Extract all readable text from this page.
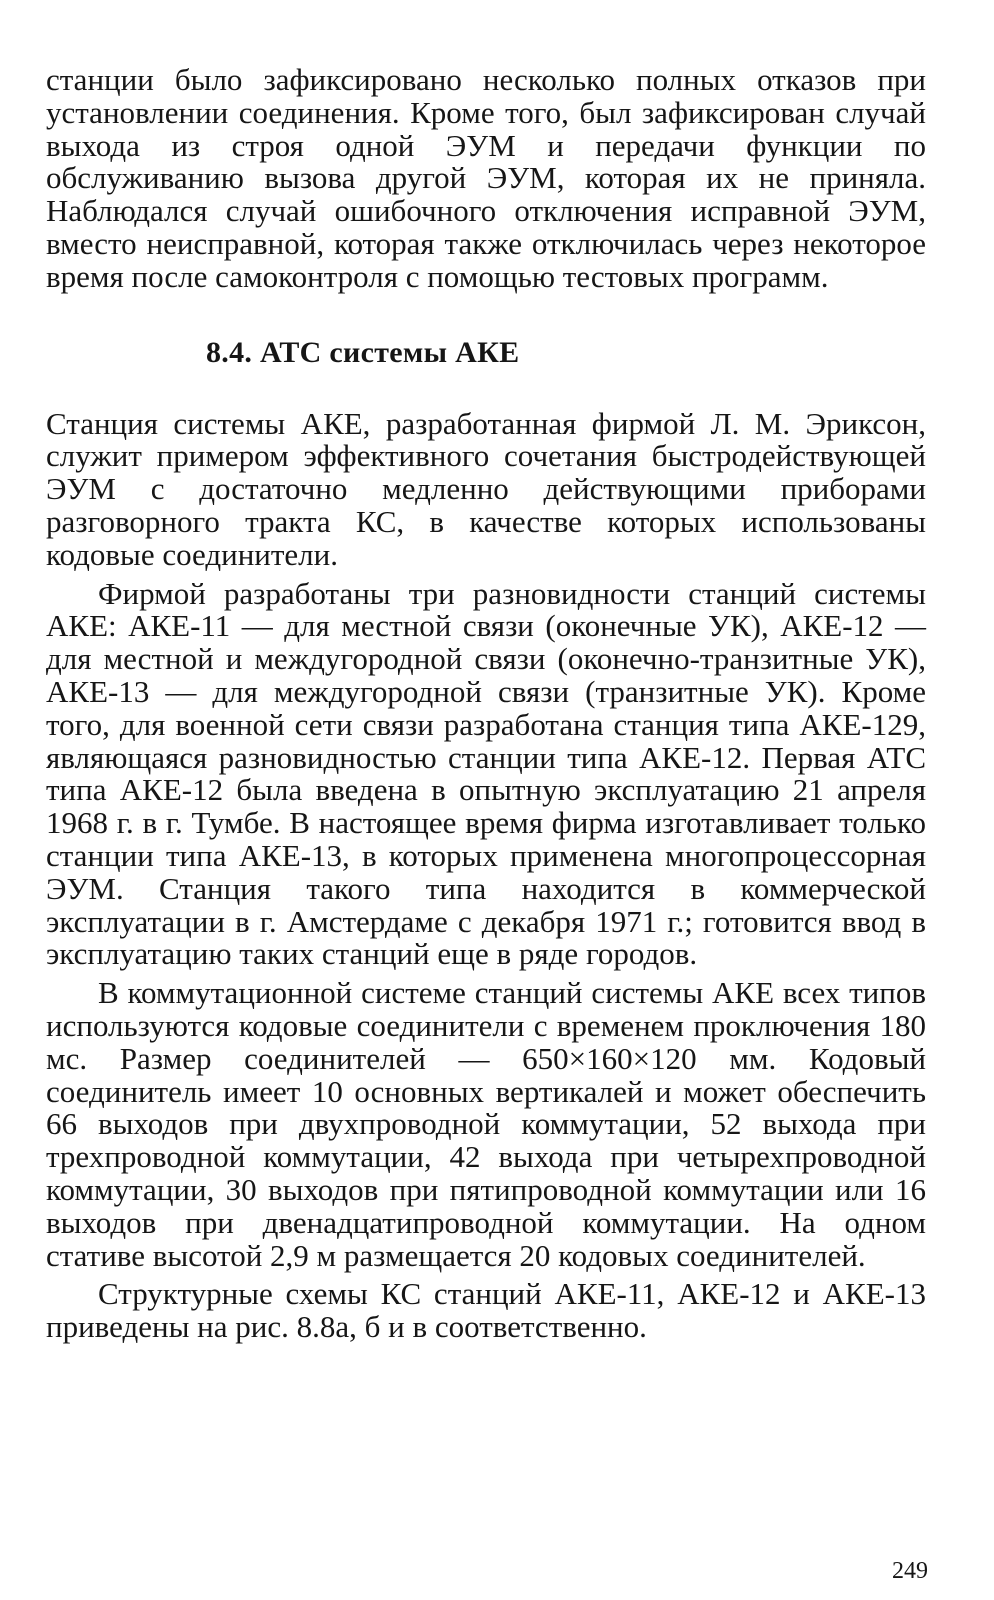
станции было зафиксировано несколько полных отказов при установлении соединения. Кроме того, был зафиксирован случай выхода из строя одной ЭУМ и передачи функции по обслуживанию вызова другой ЭУМ, которая их не приняла. Наблюдался случай ошибочного отключения исправной ЭУМ, вместо неисправной, которая также отключилась через некоторое время после самоконтроля с помощью тестовых программ.

8.4. АТС системы АКЕ

Станция системы АКЕ, разработанная фирмой Л. М. Эриксон, служит примером эффективного сочетания быстродействующей ЭУМ с достаточно медленно действующими приборами разговорного тракта КС, в качестве которых использованы кодовые соединители.

Фирмой разработаны три разновидности станций системы АКЕ: АКЕ-11 — для местной связи (оконечные УК), АКЕ-12 — для местной и междугородной связи (оконечно-транзитные УК), АКЕ-13 — для междугородной связи (транзитные УК). Кроме того, для военной сети связи разработана станция типа АКЕ-129, являющаяся разновидностью станции типа АКЕ-12. Первая АТС типа АКЕ-12 была введена в опытную эксплуатацию 21 апреля 1968 г. в г. Тумбе. В настоящее время фирма изготавливает только станции типа АКЕ-13, в которых применена многопроцессорная ЭУМ. Станция такого типа находится в коммерческой эксплуатации в г. Амстердаме с декабря 1971 г.; готовится ввод в эксплуатацию таких станций еще в ряде городов.

В коммутационной системе станций системы АКЕ всех типов используются кодовые соединители с временем проключения 180 мс. Размер соединителей — 650×160×120 мм. Кодовый соединитель имеет 10 основных вертикалей и может обеспечить 66 выходов при двухпроводной коммутации, 52 выхода при трехпроводной коммутации, 42 выхода при четырехпроводной коммутации, 30 выходов при пятипроводной коммутации или 16 выходов при двенадцатипроводной коммутации. На одном стативе высотой 2,9 м размещается 20 кодовых соединителей.

Структурные схемы КС станций АКЕ-11, АКЕ-12 и АКЕ-13 приведены на рис. 8.8а, б и в соответственно.

249
